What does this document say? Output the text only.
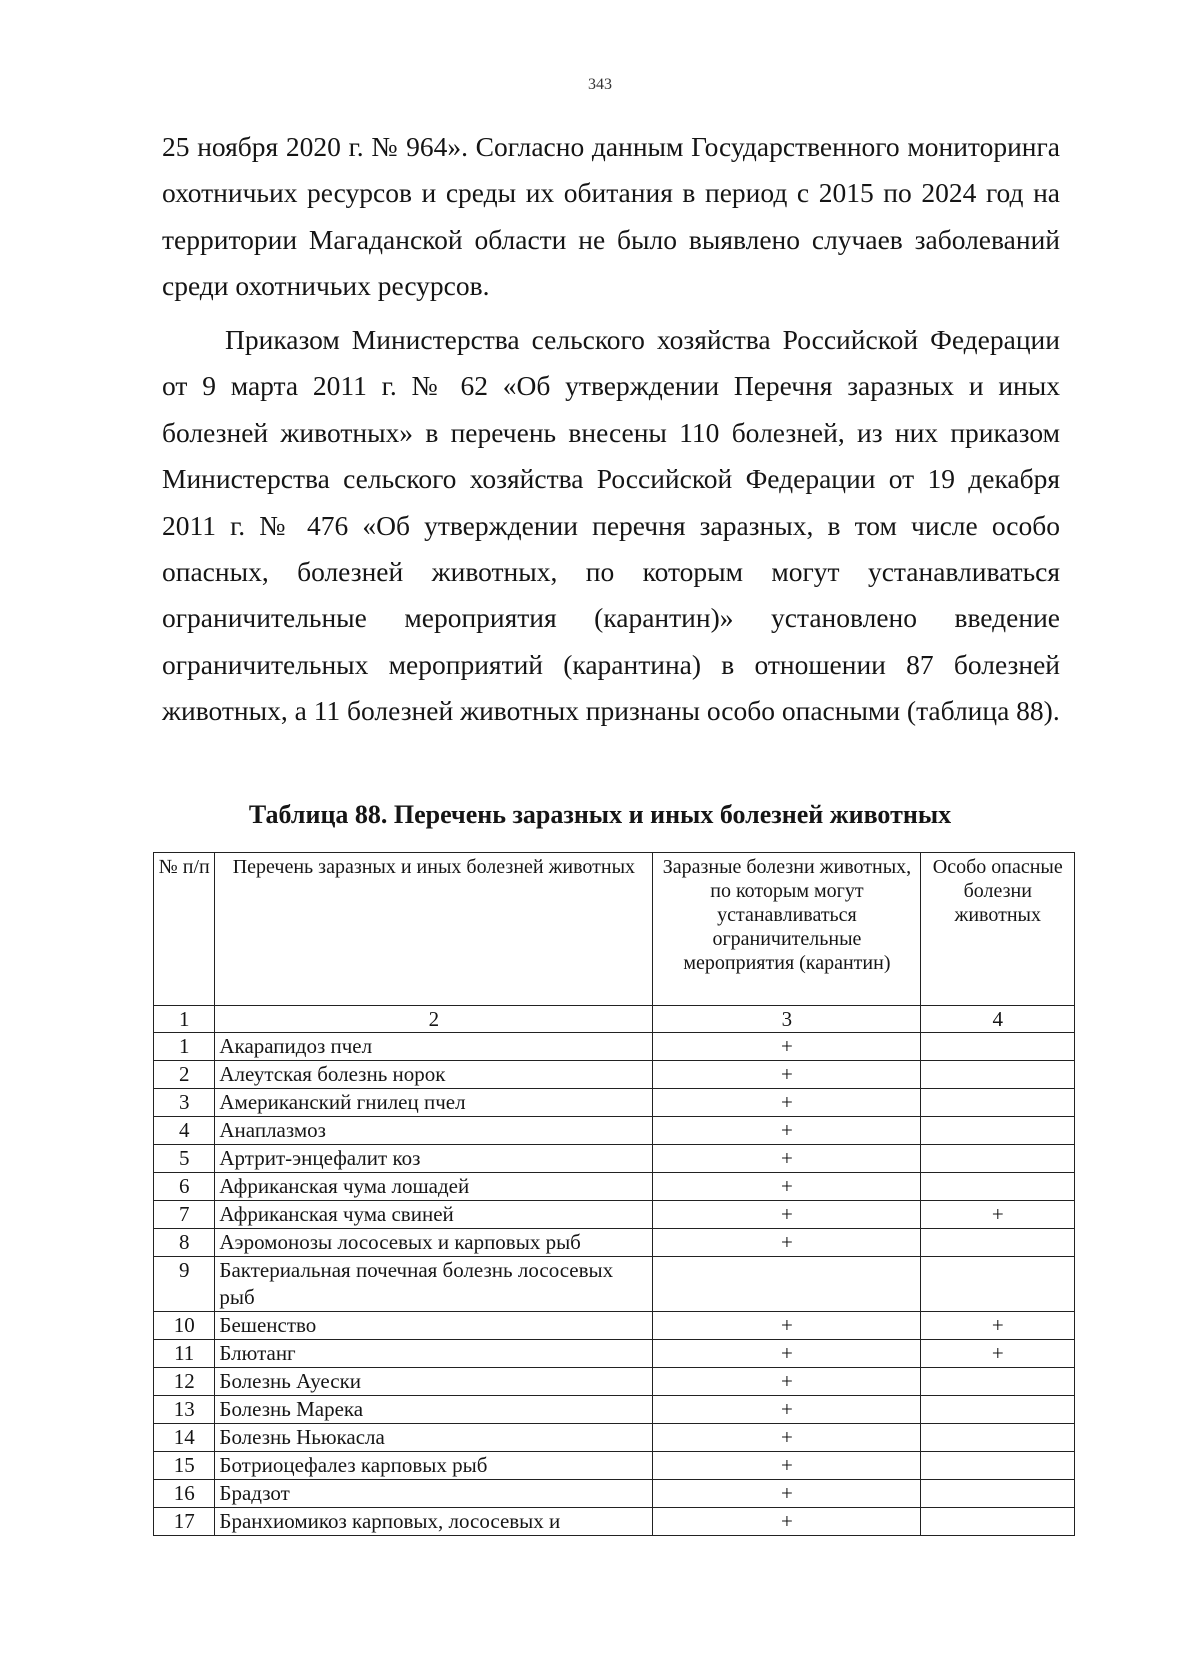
343

25 ноября 2020 г. № 964». Согласно данным Государственного мониторинга охотничьих ресурсов и среды их обитания в период с 2015 по 2024 год на территории Магаданской области не было выявлено случаев заболеваний среди охотничьих ресурсов.

Приказом Министерства сельского хозяйства Российской Федерации от 9 марта 2011 г. № 62 «Об утверждении Перечня заразных и иных болезней животных» в перечень внесены 110 болезней, из них приказом Министерства сельского хозяйства Российской Федерации от 19 декабря 2011 г. № 476 «Об утверждении перечня заразных, в том числе особо опасных, болезней животных, по которым могут устанавливаться ограничительные мероприятия (карантин)» установлено введение ограничительных мероприятий (карантина) в отношении 87 болезней животных, а 11 болезней животных признаны особо опасными (таблица 88).

Таблица 88. Перечень заразных и иных болезней животных

№ п/п	Перечень заразных и иных болезней животных	Заразные болезни животных, по которым могут устанавливаться ограничительные мероприятия (карантин)	Особо опасные болезни животных
1	2	3	4
1	Акарапидоз пчел	+	
2	Алеутская болезнь норок	+	
3	Американский гнилец пчел	+	
4	Анаплазмоз	+	
5	Артрит-энцефалит коз	+	
6	Африканская чума лошадей	+	
7	Африканская чума свиней	+	+
8	Аэромонозы лососевых и карповых рыб	+	
9	Бактериальная почечная болезнь лососевых рыб		
10	Бешенство	+	+
11	Блютанг	+	+
12	Болезнь Ауески	+	
13	Болезнь Марека	+	
14	Болезнь Ньюкасла	+	
15	Ботриоцефалез карповых рыб	+	
16	Брадзот	+	
17	Бранхиомикоз карповых, лососевых и	+	
